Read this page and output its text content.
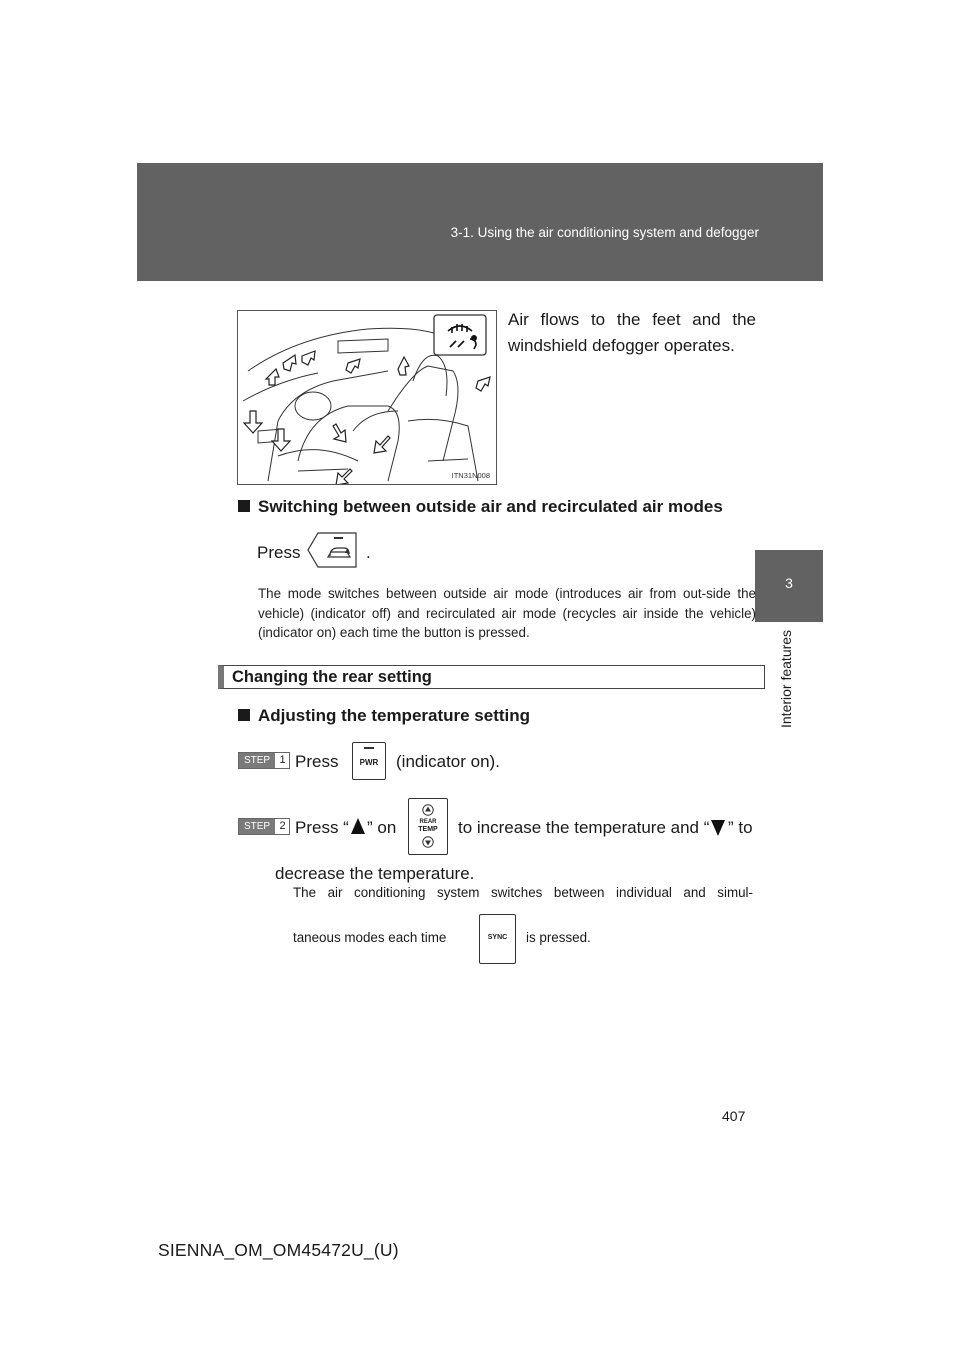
3-1. Using the air conditioning system and defogger
3
Interior features
ITN31N008
Air flows to the feet and the windshield defogger operates.
Switching between outside air and recirculated air modes
Press	.
The mode switches between outside air mode (introduces air from out-side the vehicle) (indicator off) and recirculated air mode (recycles air inside the vehicle) (indicator on) each time the button is pressed.
Changing the rear setting
Adjusting the temperature setting
STEP 1 Press	PWR	(indicator on).
STEP 2 Press “ ” on	REAR
TEMP	to increase the temperature and “ ” to
decrease the temperature.
The air conditioning system switches between individual and simul-
taneous modes each time	SYNC	is pressed.
407
SIENNA_OM_OM45472U_(U)
